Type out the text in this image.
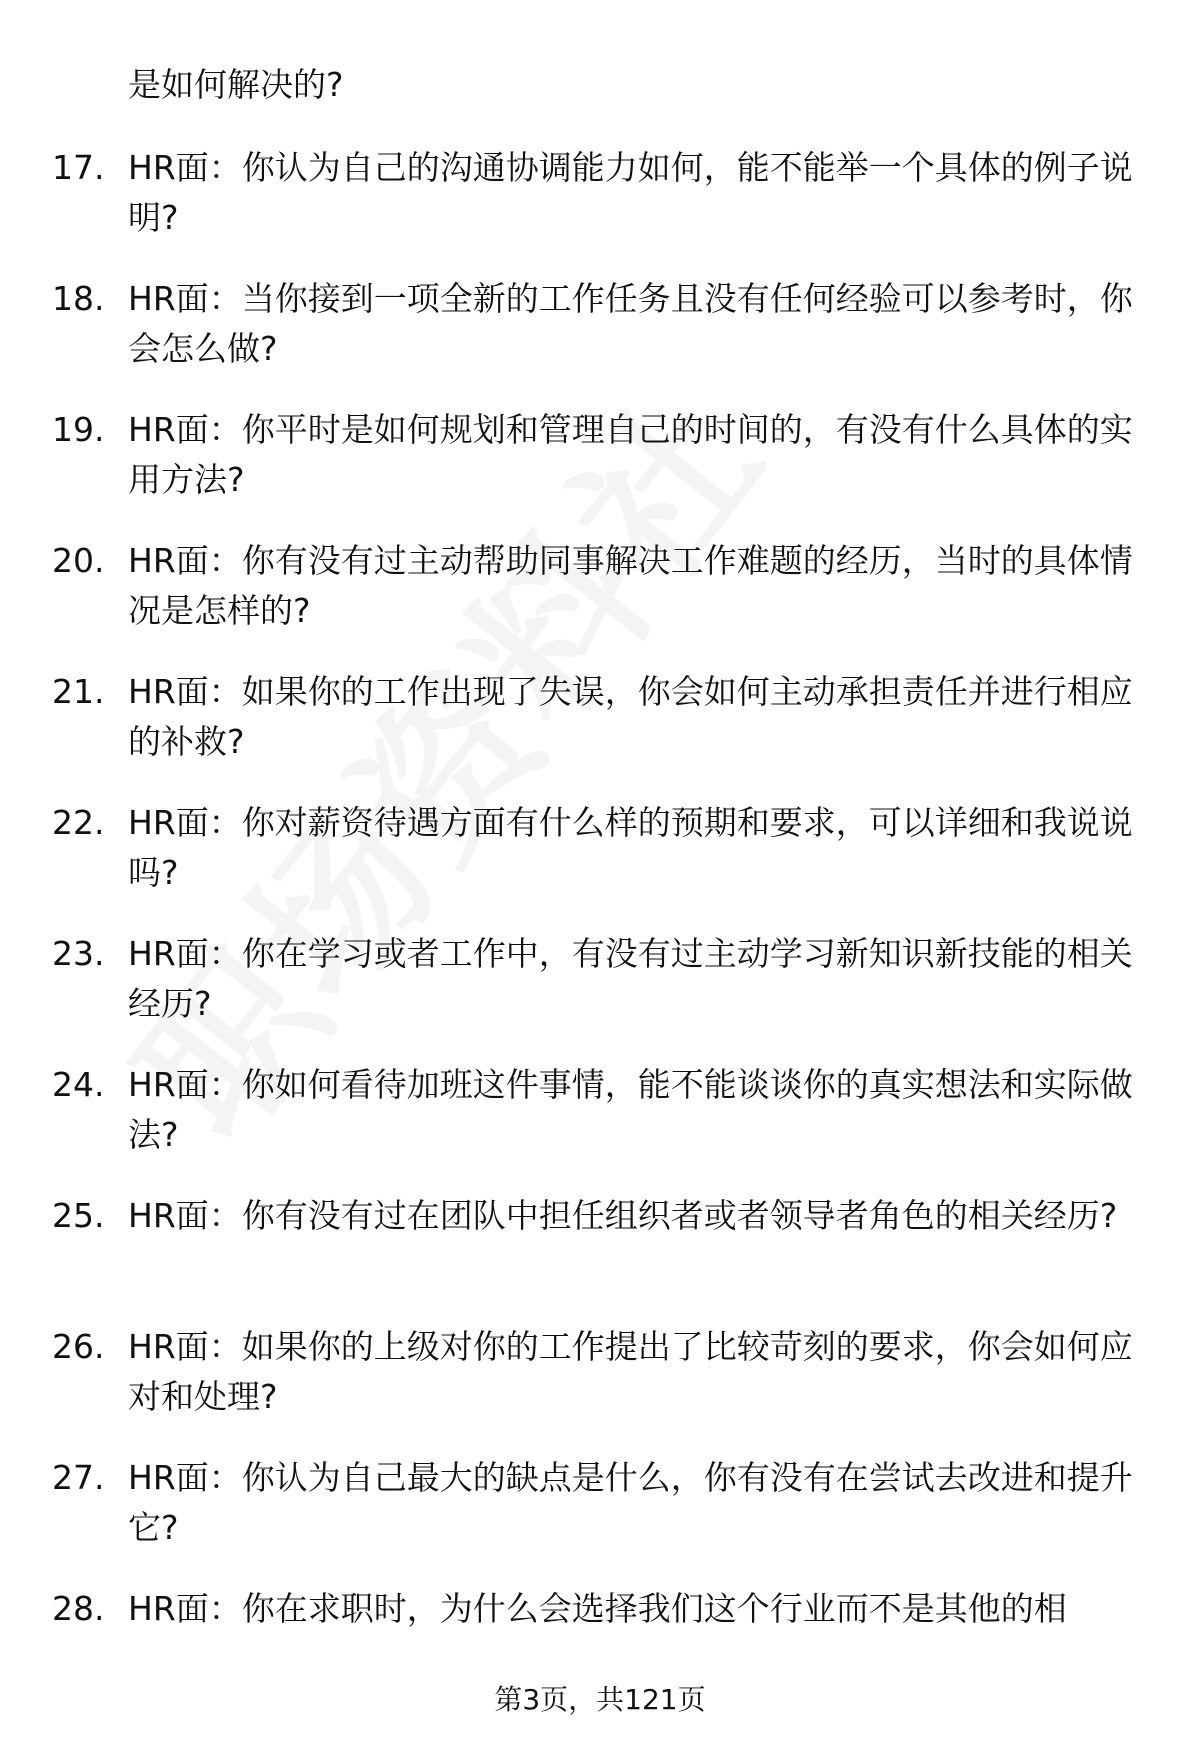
是如何解决的?
17. HR面：你认为自己的沟通协调能力如何，能不能举一个具体的例子说明?
18. HR面：当你接到一项全新的工作任务且没有任何经验可以参考时，你会怎么做?
19. HR面：你平时是如何规划和管理自己的时间的，有没有什么具体的实用方法?
20. HR面：你有没有过主动帮助同事解决工作难题的经历，当时的具体情况是怎样的?
21. HR面：如果你的工作出现了失误，你会如何主动承担责任并进行相应的补救?
22. HR面：你对薪资待遇方面有什么样的预期和要求，可以详细和我说说吗?
23. HR面：你在学习或者工作中，有没有过主动学习新知识新技能的相关经历?
24. HR面：你如何看待加班这件事情，能不能谈谈你的真实想法和实际做法?
25. HR面：你有没有过在团队中担任组织者或者领导者角色的相关经历?
26. HR面：如果你的上级对你的工作提出了比较苛刻的要求，你会如何应对和处理?
27. HR面：你认为自己最大的缺点是什么，你有没有在尝试去改进和提升它?
28. HR面：你在求职时，为什么会选择我们这个行业而不是其他的相
第3页，共121页
